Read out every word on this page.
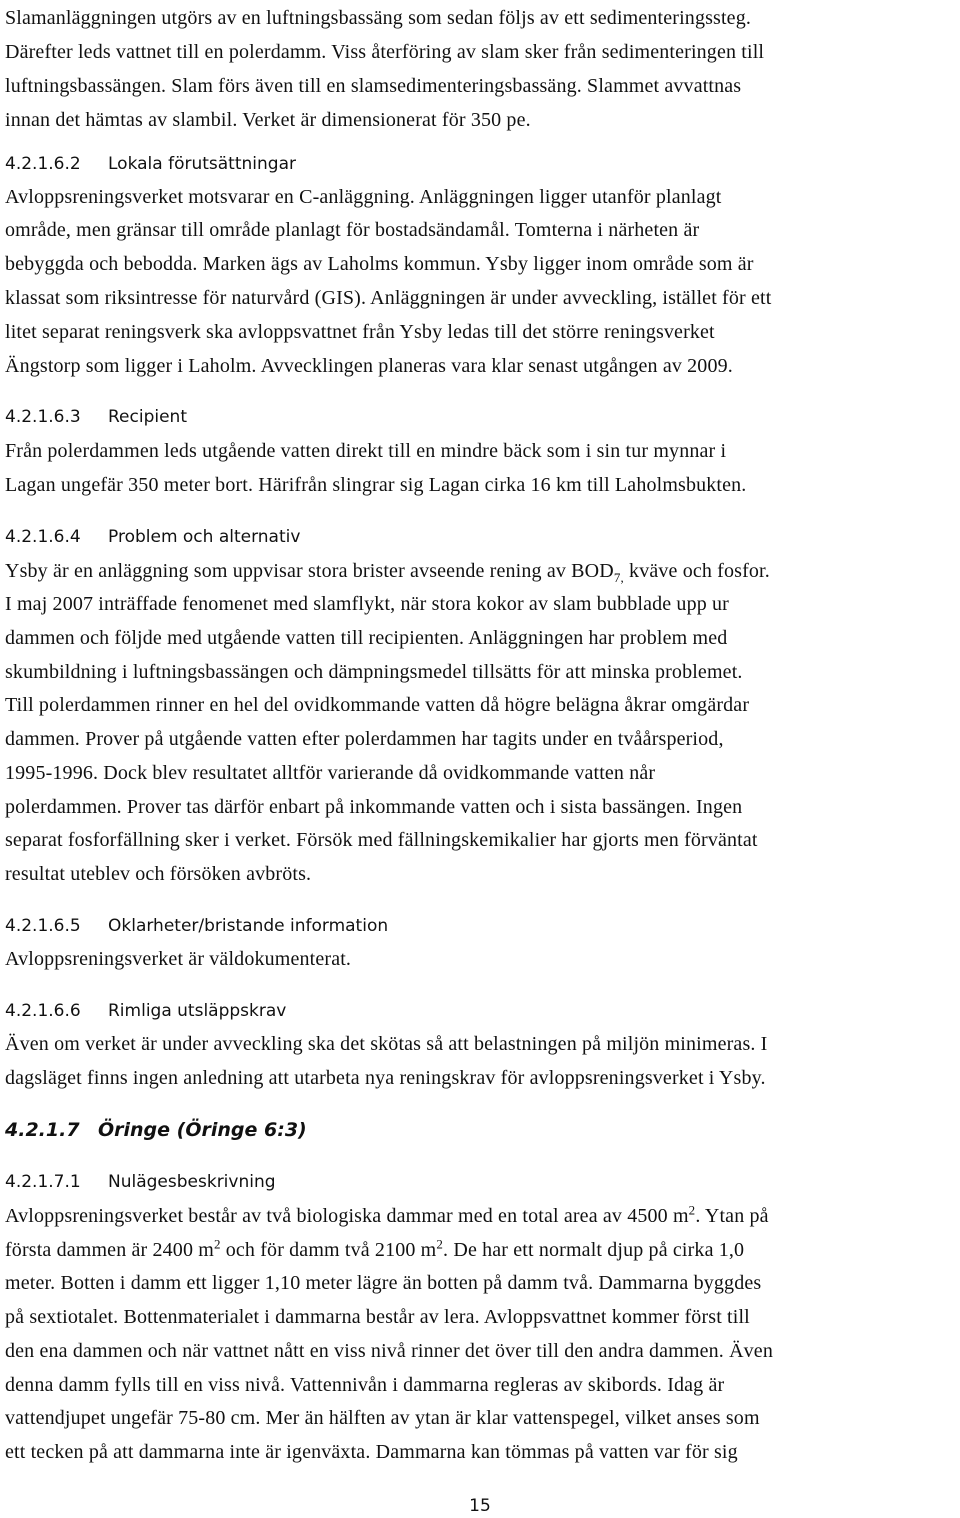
Slamanläggningen utgörs av en luftningsbassäng som sedan följs av ett sedimenteringssteg.
Därefter leds vattnet till en polerdamm. Viss återföring av slam sker från sedimenteringen till
luftningsbassängen. Slam förs även till en slamsedimenteringsbassäng. Slammet avvattnas
innan det hämtas av slambil. Verket är dimensionerat för 350 pe.
4.2.1.6.2 Lokala förutsättningar
Avloppsreningsverket motsvarar en C-anläggning. Anläggningen ligger utanför planlagt
område, men gränsar till område planlagt för bostadsändamål. Tomterna i närheten är
bebyggda och bebodda. Marken ägs av Laholms kommun. Ysby ligger inom område som är
klassat som riksintresse för naturvård (GIS). Anläggningen är under avveckling, istället för ett
litet separat reningsverk ska avloppsvattnet från Ysby ledas till det större reningsverket
Ängstorp som ligger i Laholm. Avvecklingen planeras vara klar senast utgången av 2009.
4.2.1.6.3 Recipient
Från polerdammen leds utgående vatten direkt till en mindre bäck som i sin tur mynnar i
Lagan ungefär 350 meter bort. Härifrån slingrar sig Lagan cirka 16 km till Laholmsbukten.
4.2.1.6.4 Problem och alternativ
Ysby är en anläggning som uppvisar stora brister avseende rening av $BOD_{7,}$ kväve och fosfor.
I maj 2007 inträffade fenomenet med slamflykt, när stora kokor av slam bubblade upp ur
dammen och följde med utgående vatten till recipienten. Anläggningen har problem med
skumbildning i luftningsbassängen och dämpningsmedel tillsätts för att minska problemet.
Till polerdammen rinner en hel del ovidkommande vatten då högre belägna åkrar omgärdar
dammen. Prover på utgående vatten efter polerdammen har tagits under en tvåårsperiod,
1995-1996. Dock blev resultatet alltför varierande då ovidkommande vatten når
polerdammen. Prover tas därför enbart på inkommande vatten och i sista bassängen. Ingen
separat fosforfällning sker i verket. Försök med fällningskemikalier har gjorts men förväntat
resultat uteblev och försöken avbröts.
4.2.1.6.5 Oklarheter/bristande information
Avloppsreningsverket är väldokumenterat.
4.2.1.6.6 Rimliga utsläppskrav
Även om verket är under avveckling ska det skötas så att belastningen på miljön minimeras. I
dagsläget finns ingen anledning att utarbeta nya reningskrav för avloppsreningsverket i Ysby.
4.2.1.7 Öringe (Öringe 6:3)
4.2.1.7.1 Nulägesbeskrivning
Avloppsreningsverket består av två biologiska dammar med en total area av 4500 $m^2$. Ytan på
första dammen är 2400 $m^2$ och för damm två 2100 $m^2$. De har ett normalt djup på cirka 1,0
meter. Botten i damm ett ligger 1,10 meter lägre än botten på damm två. Dammarna byggdes
på sextiotalet. Bottenmaterialet i dammarna består av lera. Avloppsvattnet kommer först till
den ena dammen och när vattnet nått en viss nivå rinner det över till den andra dammen. Även
denna damm fylls till en viss nivå. Vattennivån i dammarna regleras av skibords. Idag är
vattendjupet ungefär 75-80 cm. Mer än hälften av ytan är klar vattenspegel, vilket anses som
ett tecken på att dammarna inte är igenväxta. Dammarna kan tömmas på vatten var för sig
15
